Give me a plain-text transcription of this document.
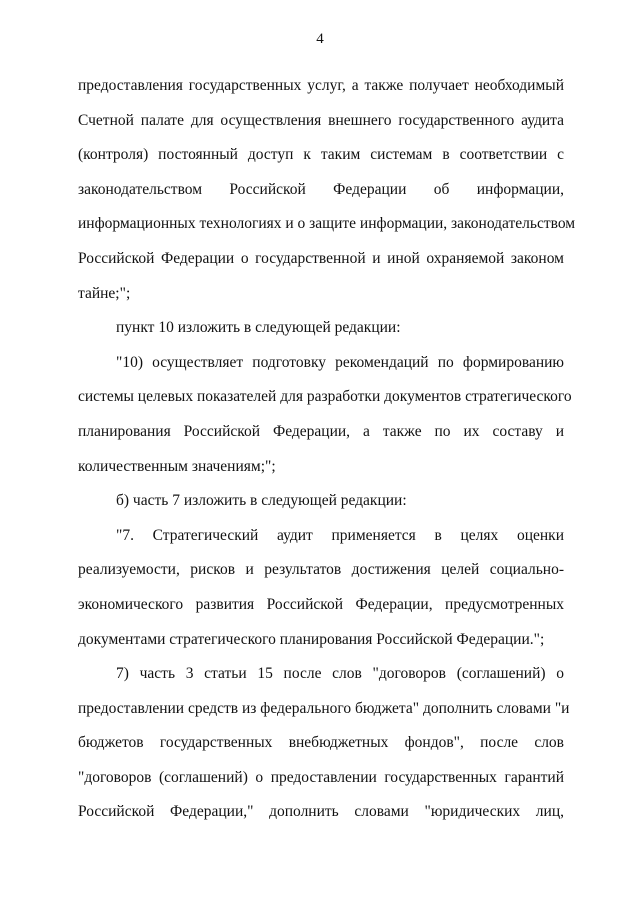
4
предоставления государственных услуг, а также получает необходимый
Счетной палате для осуществления внешнего государственного аудита
(контроля) постоянный доступ к таким системам в соответствии с
законодательством Российской Федерации об информации,
информационных технологиях и о защите информации, законодательством
Российской Федерации о государственной и иной охраняемой законом
тайне;";
пункт 10 изложить в следующей редакции:
"10) осуществляет подготовку рекомендаций по формированию
системы целевых показателей для разработки документов стратегического
планирования Российской Федерации, а также по их составу и
количественным значениям;";
б) часть 7 изложить в следующей редакции:
"7. Стратегический аудит применяется в целях оценки
реализуемости, рисков и результатов достижения целей социально-
экономического развития Российской Федерации, предусмотренных
документами стратегического планирования Российской Федерации.";
7) часть 3 статьи 15 после слов "договоров (соглашений) о
предоставлении средств из федерального бюджета" дополнить словами "и
бюджетов государственных внебюджетных фондов", после слов
"договоров (соглашений) о предоставлении государственных гарантий
Российской Федерации," дополнить словами "юридических лиц,
